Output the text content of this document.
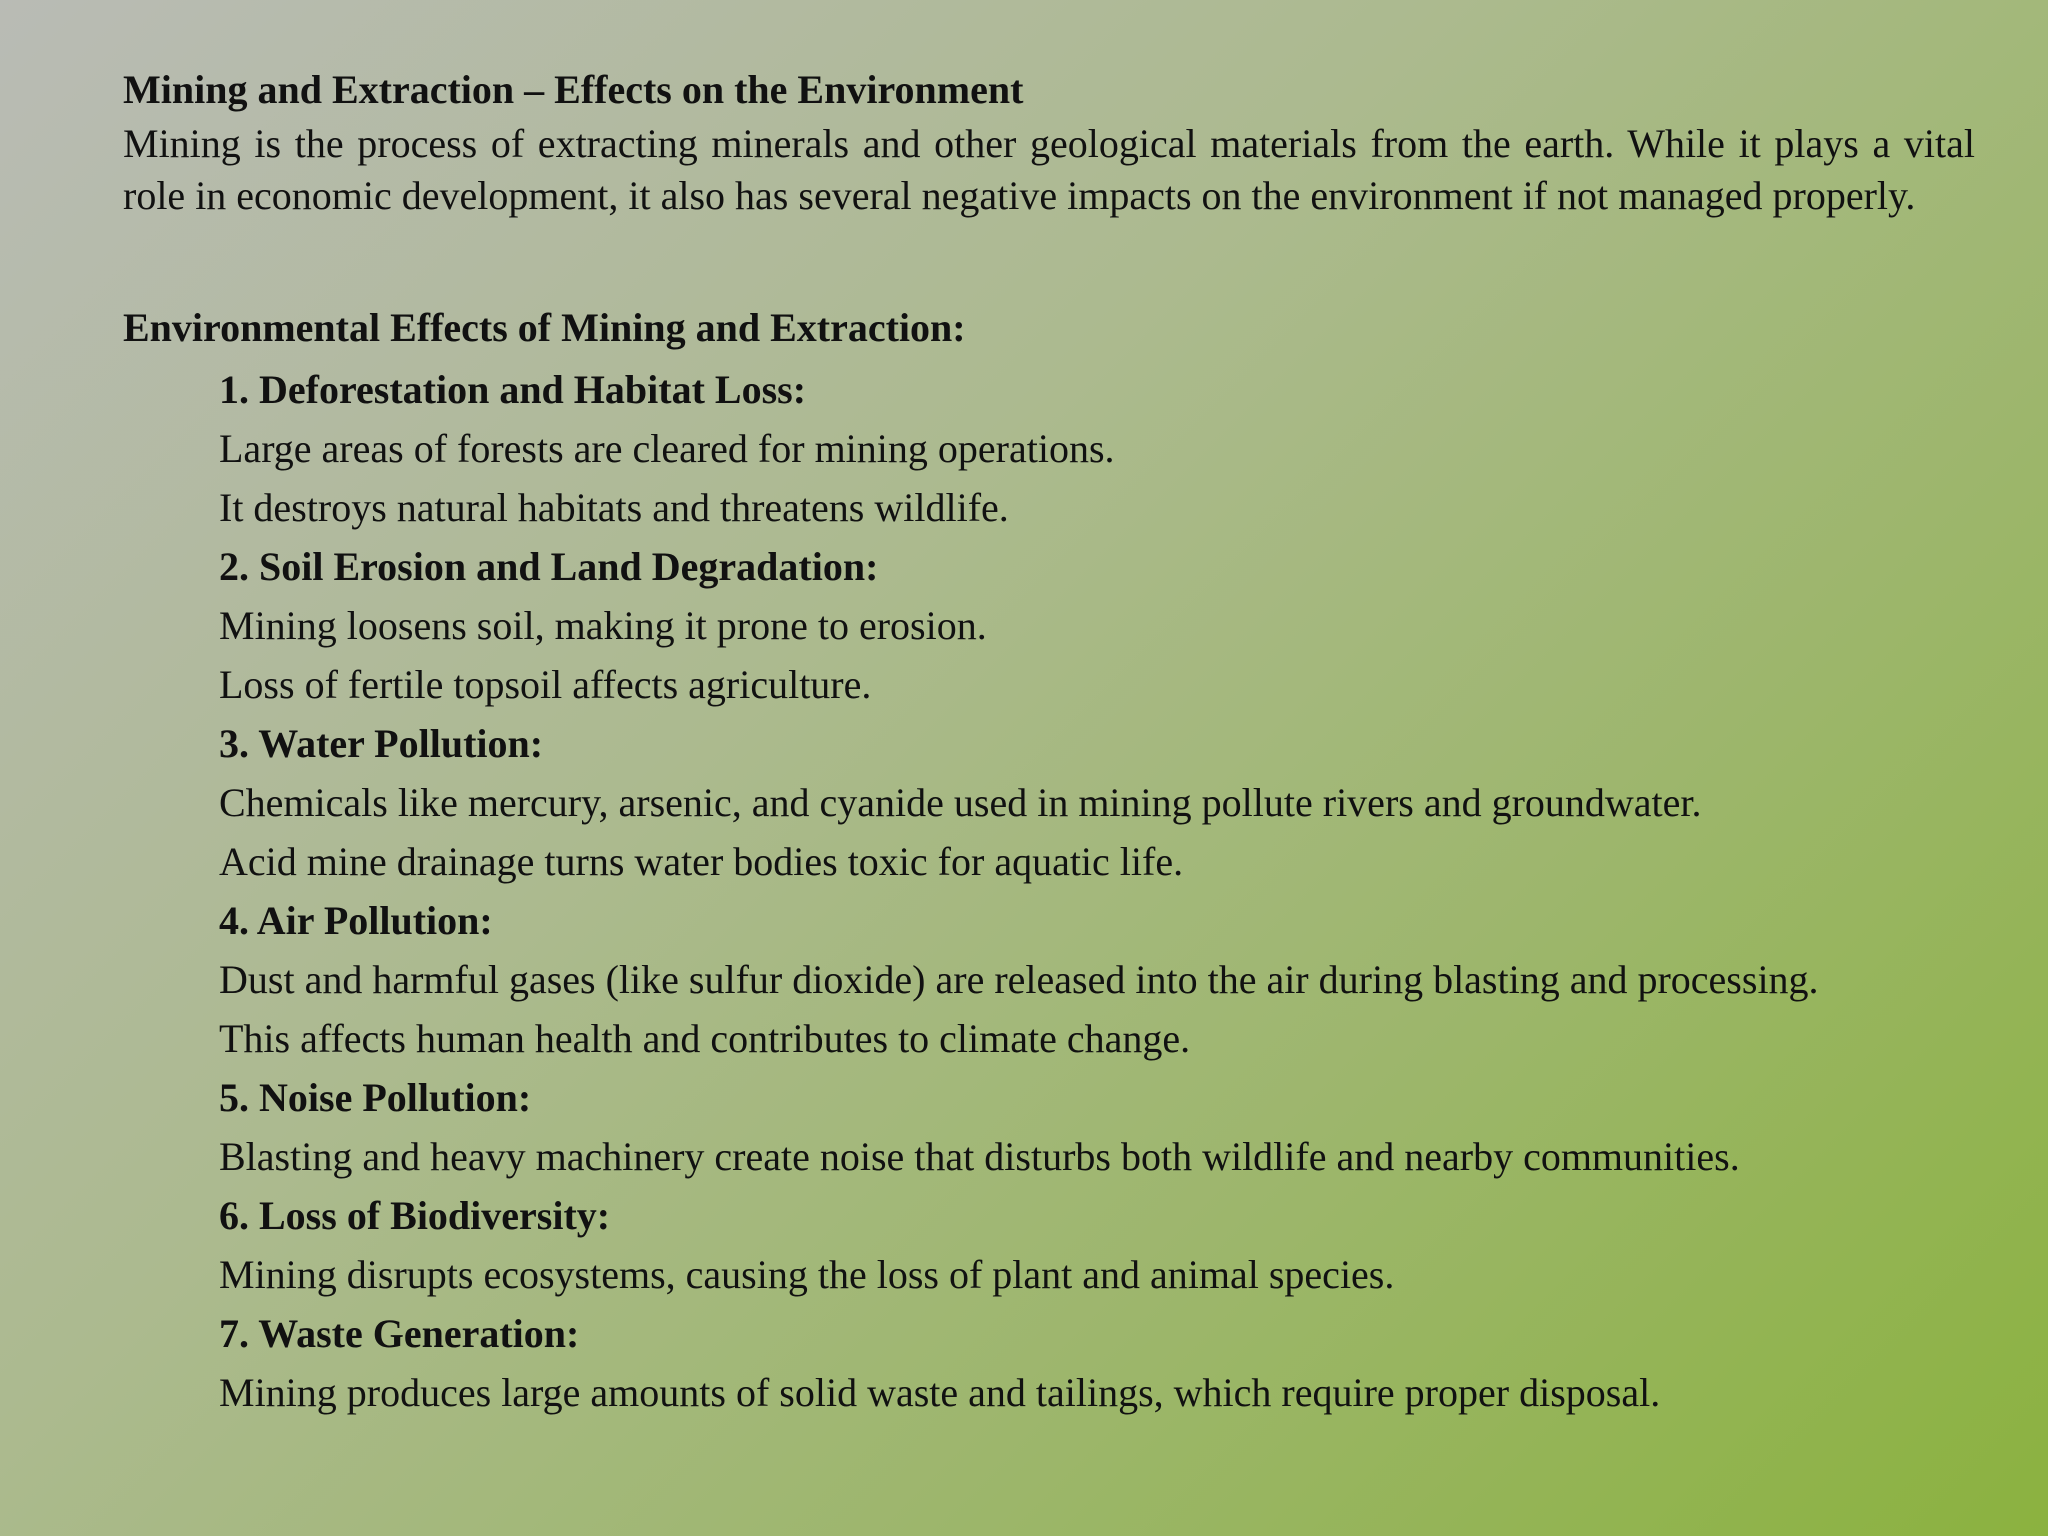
Mining and Extraction – Effects on the Environment

Mining is the process of extracting minerals and other geological materials from the earth. While it plays a vital role in economic development, it also has several negative impacts on the environment if not managed properly.

Environmental Effects of Mining and Extraction:

1. Deforestation and Habitat Loss:

Large areas of forests are cleared for mining operations.

It destroys natural habitats and threatens wildlife.

2. Soil Erosion and Land Degradation:

Mining loosens soil, making it prone to erosion.

Loss of fertile topsoil affects agriculture.

3. Water Pollution:

Chemicals like mercury, arsenic, and cyanide used in mining pollute rivers and groundwater.

Acid mine drainage turns water bodies toxic for aquatic life.

4. Air Pollution:

Dust and harmful gases (like sulfur dioxide) are released into the air during blasting and processing.

This affects human health and contributes to climate change.

5. Noise Pollution:

Blasting and heavy machinery create noise that disturbs both wildlife and nearby communities.

6. Loss of Biodiversity:

Mining disrupts ecosystems, causing the loss of plant and animal species.

7. Waste Generation:

Mining produces large amounts of solid waste and tailings, which require proper disposal.
